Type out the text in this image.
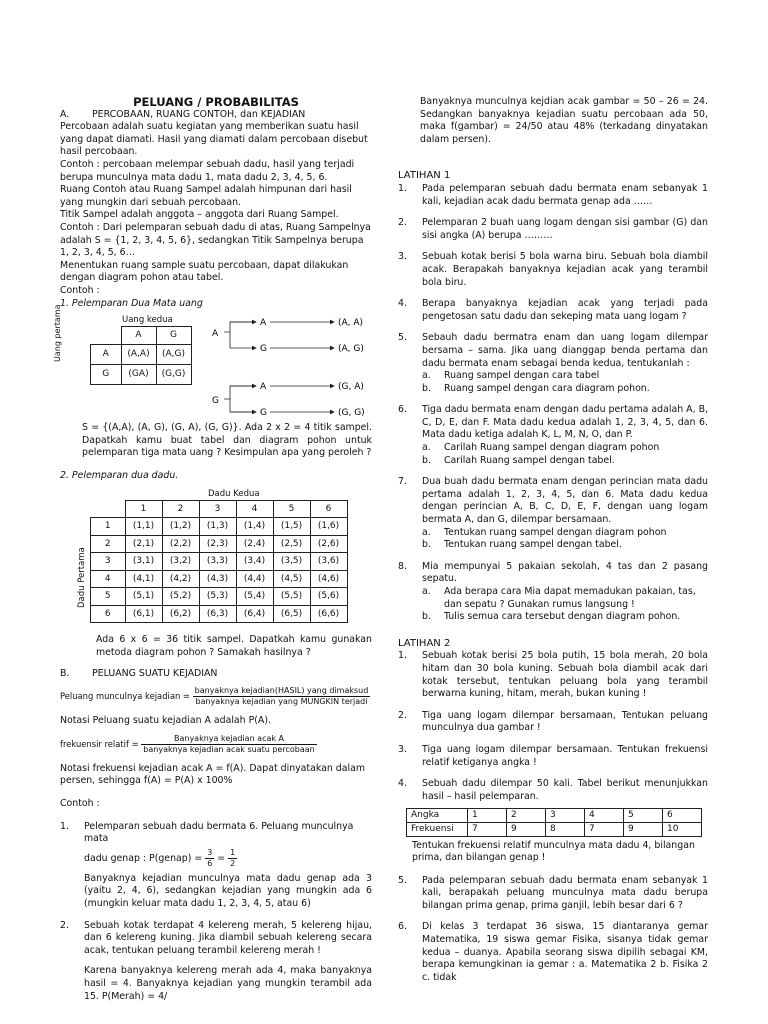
PELUANG / PROBABILITAS

A. PERCOBAAN, RUANG CONTOH, dan KEJADIAN

Percobaan adalah suatu kegiatan yang memberikan suatu hasil yang dapat diamati. Hasil yang diamati dalam percobaan disebut hasil percobaan.

Contoh : percobaan melempar sebuah dadu, hasil yang terjadi berupa munculnya mata dadu 1, mata dadu 2, 3, 4, 5, 6.

Ruang Contoh atau Ruang Sampel adalah himpunan dari hasil yang mungkin dari sebuah percobaan.

Titik Sampel adalah anggota – anggota dari Ruang Sampel.

Contoh : Dari pelemparan sebuah dadu di atas, Ruang Sampelnya adalah S = {1, 2, 3, 4, 5, 6}, sedangkan Titik Sampelnya berupa 1, 2, 3, 4, 5, 6…

Menentukan ruang sample suatu percobaan, dapat dilakukan dengan diagram pohon atau tabel.

Contoh :

1. Pelemparan Dua Mata uang

Uang kedua
Uang pertama
		A	G
A	(A,A)	(A,G)
G	(GA)	(G,G)
A
G
A
G
A
G
(A, A)
(A, G)
(G, A)
(G, G)

S = {(A,A), (A, G), (G, A), (G, G)}. Ada 2 x 2 = 4 titik sampel. Dapatkah kamu buat tabel dan diagram pohon untuk pelemparan tiga mata uang ? Kesimpulan apa yang peroleh ?

2. Pelemparan dua dadu.

Dadu Kedua
Dadu Pertama
	1	2	3	4	5	6
1	(1,1)	(1,2)	(1,3)	(1,4)	(1,5)	(1,6)
2	(2,1)	(2,2)	(2,3)	(2,4)	(2,5)	(2,6)
3	(3,1)	(3,2)	(3,3)	(3,4)	(3,5)	(3,6)
4	(4,1)	(4,2)	(4,3)	(4,4)	(4,5)	(4,6)
5	(5,1)	(5,2)	(5,3)	(5,4)	(5,5)	(5,6)
6	(6,1)	(6,2)	(6,3)	(6,4)	(6,5)	(6,6)

Ada 6 x 6 = 36 titik sampel. Dapatkah kamu gunakan metoda diagram pohon ? Samakah hasilnya ?

B. PELUANG SUATU KEJADIAN

Peluang munculnya kejadian = $\frac{\text{banyaknya kejadian(HASIL) yang dimaksud}}{\text{banyaknya kejadian yang MUNGKIN terjadi}}$

Notasi Peluang suatu kejadian A adalah P(A).

frekuensir relatif = $\frac{\text{Banyaknya kejadian acak A}}{\text{banyaknya kejadian acak suatu percobaan}}$

Notasi frekuensi kejadian acak A = f(A). Dapat dinyatakan dalam persen, sehingga f(A) = P(A) x 100%

Contoh :

1. Pelemparan sebuah dadu bermata 6. Peluang munculnya mata

dadu genap : P(genap) = $\frac{3}{6} = \frac{1}{2}$

Banyaknya kejadian munculnya mata dadu genap ada 3 (yaitu 2, 4, 6), sedangkan kejadian yang mungkin ada 6 (mungkin keluar mata dadu 1, 2, 3, 4, 5, atau 6)

2. Sebuah kotak terdapat 4 kelereng merah, 5 kelereng hijau, dan 6 kelereng kuning. Jika diambil sebuah kelereng secara acak, tentukan peluang terambil kelereng merah !

Karena banyaknya kelereng merah ada 4, maka banyaknya hasil = 4. Banyaknya kejadian yang mungkin terambil ada 15. P(Merah) = 4/

Banyaknya munculnya kejdian acak gambar = 50 – 26 = 24. Sedangkan banyaknya kejadian suatu percobaan ada 50, maka f(gambar) = 24/50 atau 48% (terkadang dinyatakan dalam persen).

LATIHAN 1

1. Pada pelemparan sebuah dadu bermata enam sebanyak 1 kali, kejadian acak dadu bermata genap ada ……

2. Pelemparan 2 buah uang logam dengan sisi gambar (G) dan sisi angka (A) berupa ………

3. Sebuah kotak berisi 5 bola warna biru. Sebuah bola diambil acak. Berapakah banyaknya kejadian acak yang terambil bola biru.

4. Berapa banyaknya kejadian acak yang terjadi pada pengetosan satu dadu dan sekeping mata uang logam ?

5. Sebauh dadu bermatra enam dan uang logam dilempar bersama – sama. Jika uang dianggap benda pertama dan dadu bermata enam sebagai benda kedua, tentukanlah :

a. Ruang sampel dengan cara tabel
b. Ruang sampel dengan cara diagram pohon.
6. Tiga dadu bermata enam dengan dadu pertama adalah A, B, C, D, E, dan F. Mata dadu kedua adalah 1, 2, 3, 4, 5, dan 6. Mata dadu ketiga adalah K, L, M, N, O, dan P.

a. Carilah Ruang sampel dengan diagram pohon
b. Carilah Ruang sampel dengan tabel.
7. Dua buah dadu bermata enam dengan perincian mata dadu pertama adalah 1, 2, 3, 4, 5, dan 6. Mata dadu kedua dengan perincian A, B, C, D, E, F, dengan uang logam bermata A, dan G, dilempar bersamaan.

a. Tentukan ruang sampel dengan diagram pohon
b. Tentukan ruang sampel dengan tabel.
8. Mia mempunyai 5 pakaian sekolah, 4 tas dan 2 pasang sepatu.

a. Ada berapa cara Mia dapat memadukan pakaian, tas, dan sepatu ? Gunakan rumus langsung !
b. Tulis semua cara tersebut dengan diagram pohon.

LATIHAN 2

1. Sebuah kotak berisi 25 bola putih, 15 bola merah, 20 bola hitam dan 30 bola kuning. Sebuah bola diambil acak dari kotak tersebut, tentukan peluang bola yang terambil berwarna kuning, hitam, merah, bukan kuning !

2. Tiga uang logam dilempar bersamaan, Tentukan peluang munculnya dua gambar !

3. Tiga uang logam dilempar bersamaan. Tentukan frekuensi relatif ketiganya angka !

4. Sebuah dadu dilempar 50 kali. Tabel berikut menunjukkan hasil – hasil pelemparan.

Angka	1	2	3	4	5	6
Frekuensi	7	9	8	7	9	10

Tentukan frekuensi relatif munculnya mata dadu 4, bilangan prima, dan bilangan genap !

5. Pada pelemparan sebuah dadu bermata enam sebanyak 1 kali, berapakah peluang munculnya mata dadu berupa bilangan prima genap, prima ganjil, lebih besar dari 6 ?

6. Di kelas 3 terdapat 36 siswa, 15 diantaranya gemar Matematika, 19 siswa gemar Fisika, sisanya tidak gemar kedua – duanya. Apabila seorang siswa dipilih sebagai KM, berapa kemungkinan ia gemar : a. Matematika 2 b. Fisika 2 c. tidak
